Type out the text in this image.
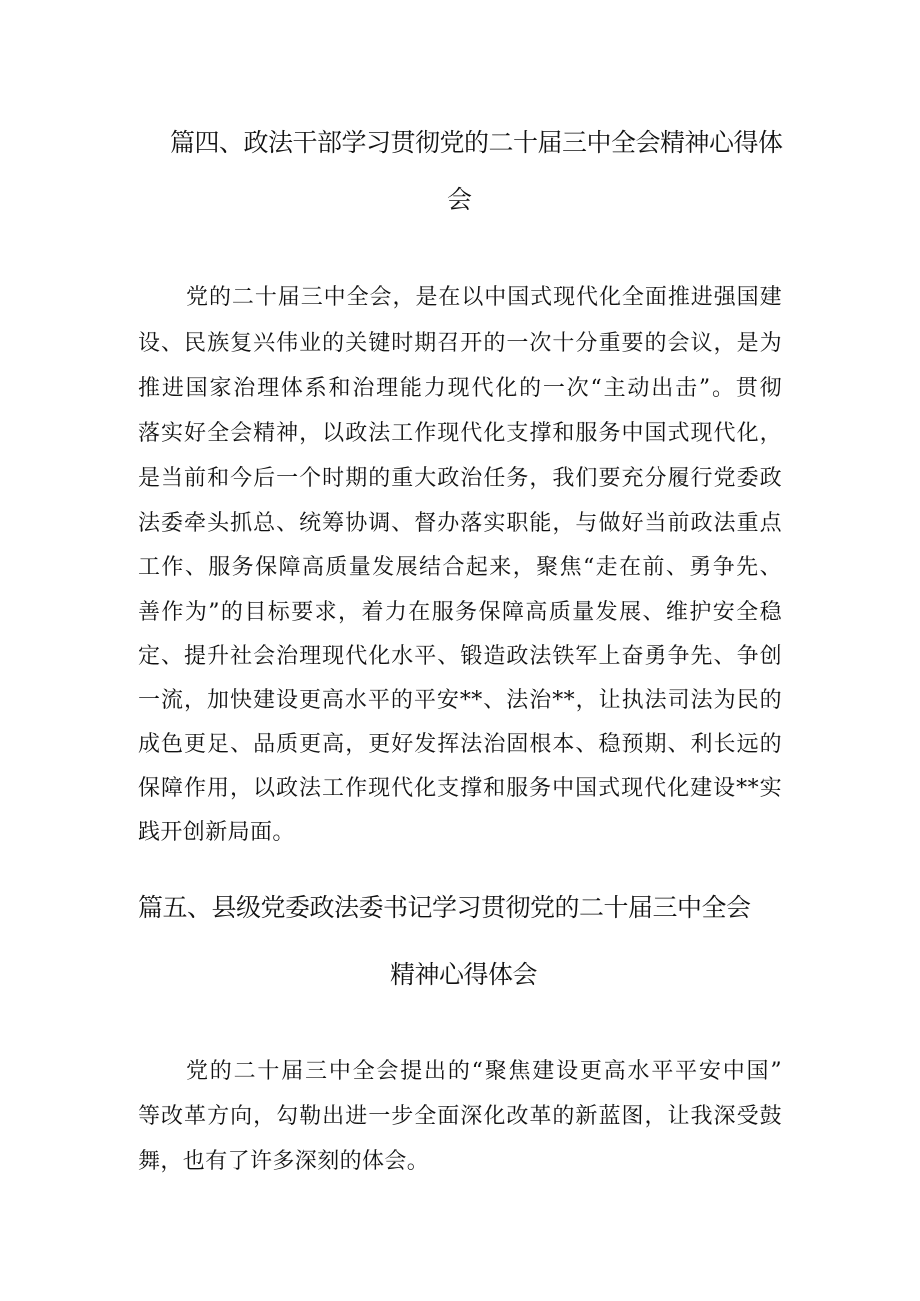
篇四、政法干部学习贯彻党的二十届三中全会精神心得体
会

党的二十届三中全会，是在以中国式现代化全面推进强国建

设、民族复兴伟业的关键时期召开的一次十分重要的会议，是为

推进国家治理体系和治理能力现代化的一次“主动出击”。贯彻

落实好全会精神，以政法工作现代化支撑和服务中国式现代化，

是当前和今后一个时期的重大政治任务，我们要充分履行党委政

法委牵头抓总、统筹协调、督办落实职能，与做好当前政法重点

工作、服务保障高质量发展结合起来，聚焦“走在前、勇争先、

善作为”的目标要求，着力在服务保障高质量发展、维护安全稳

定、提升社会治理现代化水平、锻造政法铁军上奋勇争先、争创

一流，加快建设更高水平的平安**、法治**，让执法司法为民的

成色更足、品质更高，更好发挥法治固根本、稳预期、利长远的

保障作用，以政法工作现代化支撑和服务中国式现代化建设**实

践开创新局面。

篇五、县级党委政法委书记学习贯彻党的二十届三中全会
精神心得体会

党的二十届三中全会提出的“聚焦建设更高水平平安中国”

等改革方向，勾勒出进一步全面深化改革的新蓝图，让我深受鼓

舞，也有了许多深刻的体会。
